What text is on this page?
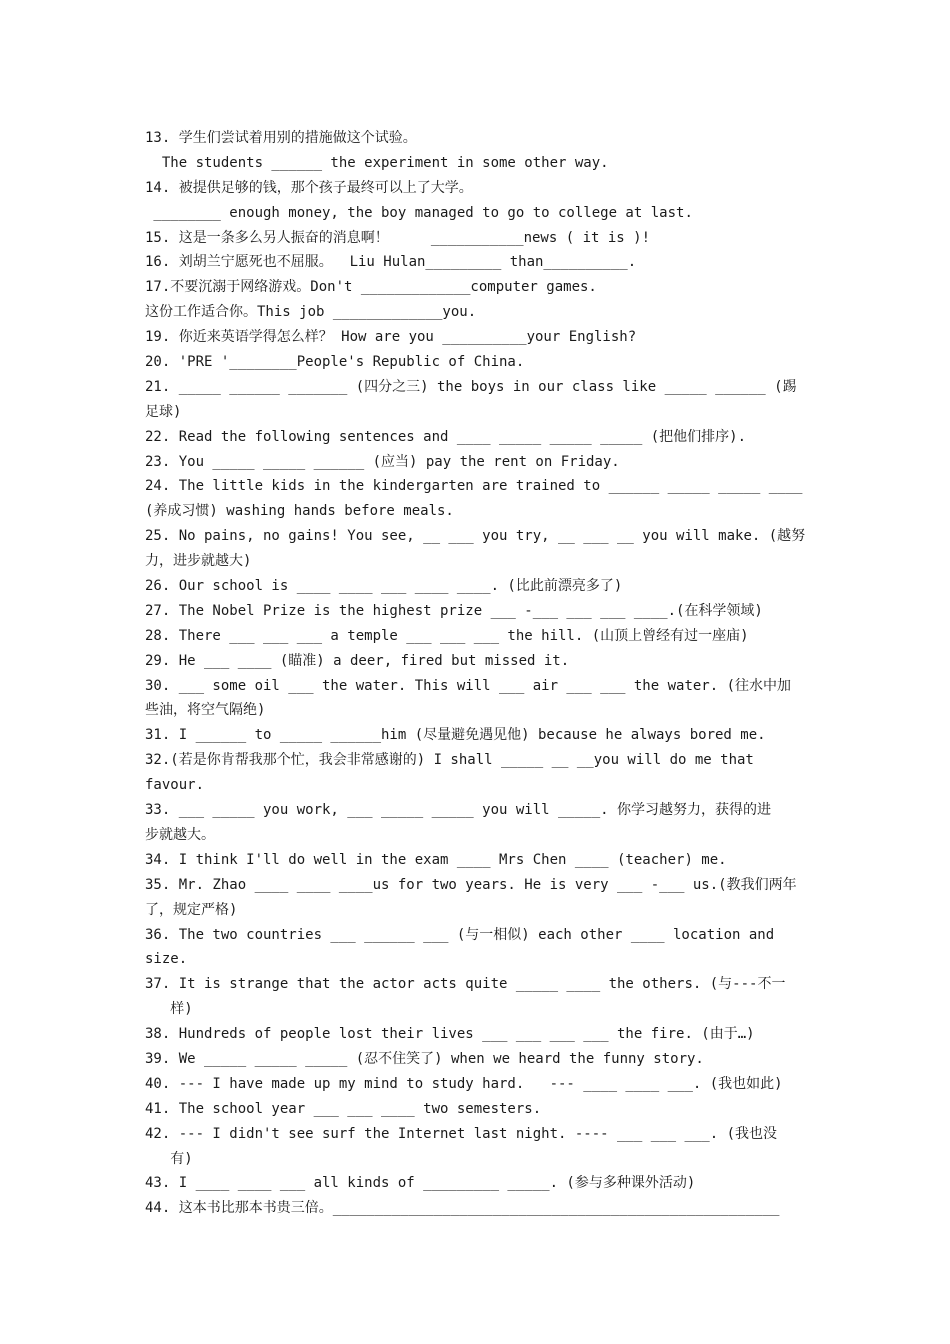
13. 学生们尝试着用别的措施做这个试验。
The students ______ the experiment in some other way.
14. 被提供足够的钱，那个孩子最终可以上了大学。
________ enough money, the boy managed to go to college at last.
15. 这是一条多么另人振奋的消息啊！     ___________news ( it is )!
16. 刘胡兰宁愿死也不屈服。  Liu Hulan_________ than__________.
17.不要沉溺于网络游戏。Don't _____________computer games.
这份工作适合你。This job _____________you.
19. 你近来英语学得怎么样？ How are you __________your English?
20. 'PRE '________People's Republic of China.
21. _____ ______ _______ (四分之三) the boys in our class like _____ ______ (踢
足球)
22. Read the following sentences and ____ _____ _____ _____ (把他们排序).
23. You _____ _____ ______ (应当) pay the rent on Friday.
24. The little kids in the kindergarten are trained to ______ _____ _____ ____
(养成习惯) washing hands before meals.
25. No pains, no gains! You see, __ ___ you try, __ ___ __ you will make. (越努
力，进步就越大)
26. Our school is ____ ____ ___ ____ ____. (比此前漂亮多了)
27. The Nobel Prize is the highest prize ___ -___ ___ ___ ____.(在科学领域)
28. There ___ ___ ___ a temple ___ ___ ___ the hill. (山顶上曾经有过一座庙)
29. He ___ ____ (瞄准) a deer, fired but missed it.
30. ___ some oil ___ the water. This will ___ air ___ ___ the water. (往水中加
些油，将空气隔绝)
31. I ______ to _____ ______him (尽量避免遇见他) because he always bored me.
32.(若是你肯帮我那个忙，我会非常感谢的) I shall _____ __ __you will do me that
favour.
33. ___ _____ you work, ___ _____ _____ you will _____. 你学习越努力，获得的进
步就越大。
34. I think I'll do well in the exam ____ Mrs Chen ____ (teacher) me.
35. Mr. Zhao ____ ____ ____us for two years. He is very ___ -___ us.(教我们两年
了，规定严格)
36. The two countries ___ ______ ___ (与一相似) each other ____ location and
size.
37. It is strange that the actor acts quite _____ ____ the others. (与---不一
样)
38. Hundreds of people lost their lives ___ ___ ___ ___ the fire. (由于…)
39. We _____ _____ _____ (忍不住笑了) when we heard the funny story.
40. --- I have made up my mind to study hard.   --- ____ ____ ___. (我也如此)
41. The school year ___ ___ ____ two semesters.
42. --- I didn't see surf the Internet last night. ---- ___ ___ ___. (我也没
有)
43. I ____ ____ ___ all kinds of _________ _____. (参与多种课外活动)
44. 这本书比那本书贵三倍。_____________________________________________________
